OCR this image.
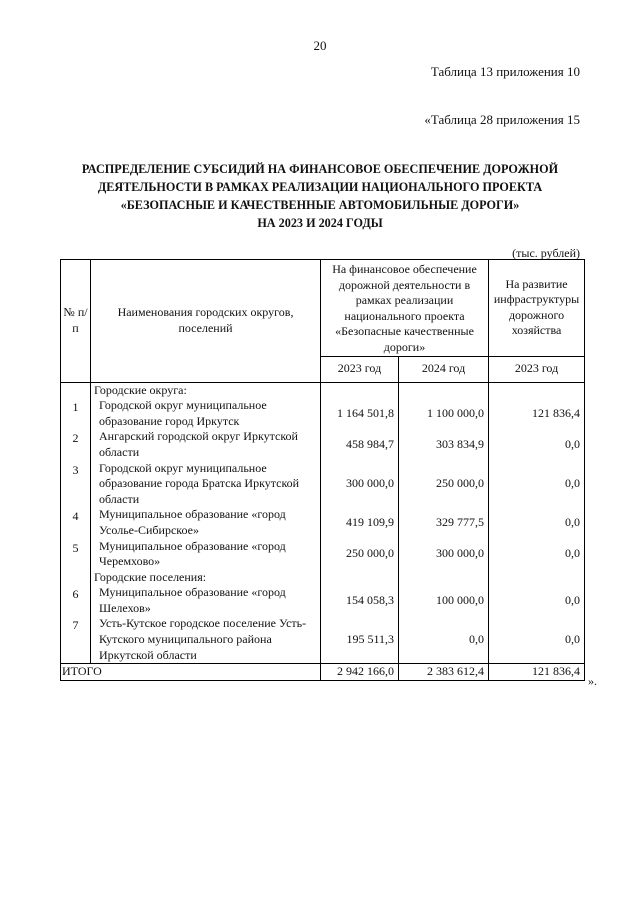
20
Таблица 13 приложения 10
«Таблица 28 приложения 15
РАСПРЕДЕЛЕНИЕ СУБСИДИЙ НА ФИНАНСОВОЕ ОБЕСПЕЧЕНИЕ ДОРОЖНОЙ
ДЕЯТЕЛЬНОСТИ В РАМКАХ РЕАЛИЗАЦИИ НАЦИОНАЛЬНОГО ПРОЕКТА
«БЕЗОПАСНЫЕ И КАЧЕСТВЕННЫЕ АВТОМОБИЛЬНЫЕ ДОРОГИ»
НА 2023 И 2024 ГОДЫ
(тыс. рублей)
№ п/п	Наименования городских округов, поселений	На финансовое обеспечение дорожной деятельности в рамках реализации национального проекта «Безопасные качественные дороги»		На развитие инфраструктуры дорожного хозяйства
		2023 год	2024 год	2023 год
	Городские округа:			
1	Городской округ муниципальное образование город Иркутск	1 164 501,8	1 100 000,0	121 836,4
2	Ангарский городской округ Иркутской области	458 984,7	303 834,9	0,0
3	Городской округ муниципальное образование города Братска Иркутской области	300 000,0	250 000,0	0,0
4	Муниципальное образование «город Усолье-Сибирское»	419 109,9	329 777,5	0,0
5	Муниципальное образование «город Черемхово»	250 000,0	300 000,0	0,0
	Городские поселения:			
6	Муниципальное образование «город Шелехов»	154 058,3	100 000,0	0,0
7	Усть-Кутское городское поселение Усть-Кутского муниципального района Иркутской области	195 511,3	0,0	0,0
ИТОГО		2 942 166,0	2 383 612,4	121 836,4
».
